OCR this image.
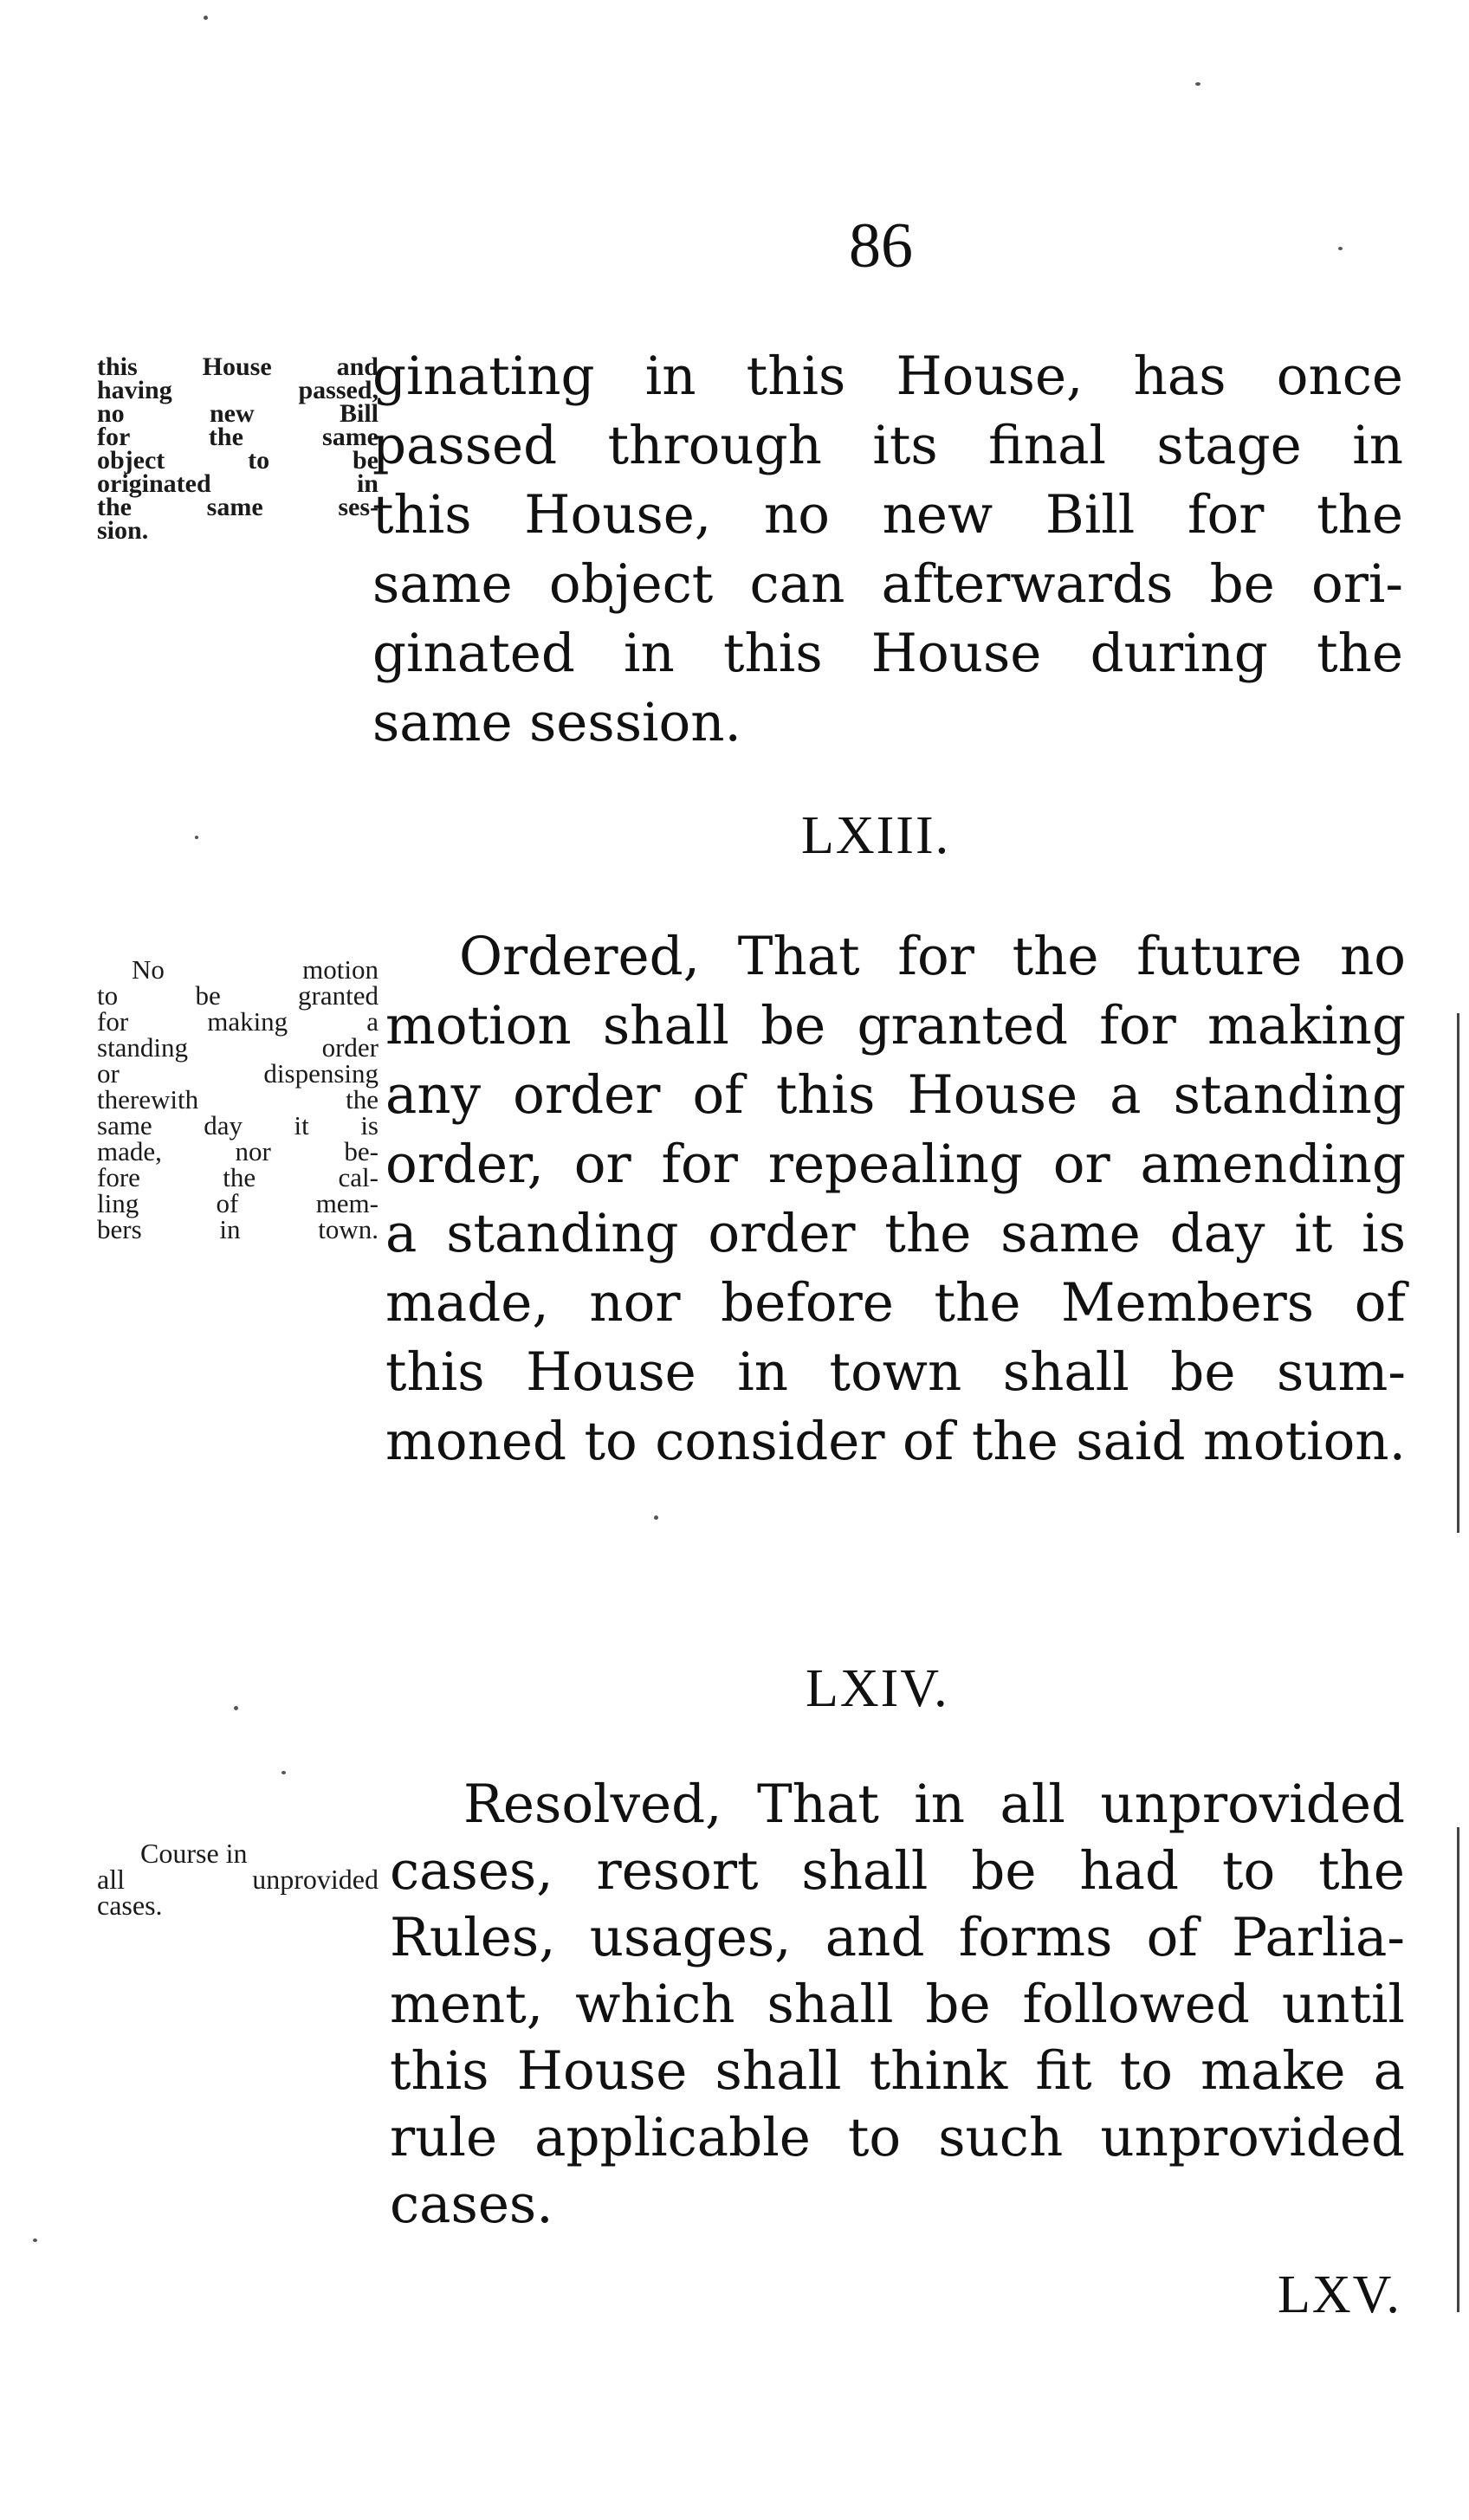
86
this House and
having passed,
no new Bill
for the same
object to be
originated in
the same ses-
sion.
ginating in this House, has once
passed through its final stage in
this House, no new Bill for the
same object can afterwards be ori-
ginated in this House during the
same session.
LXIII.
No motion
to be granted
for making a
standing order
or dispensing
therewith the
same day it is
made, nor be-
fore the cal-
ling of mem-
bers in town.
Ordered, That for the future no
motion shall be granted for making
any order of this House a standing
order, or for repealing or amending
a standing order the same day it is
made, nor before the Members of
this House in town shall be sum-
moned to consider of the said motion.
LXIV.
Course in
all unprovided
cases.
Resolved, That in all unprovided
cases, resort shall be had to the
Rules, usages, and forms of Parlia-
ment, which shall be followed until
this House shall think fit to make a
rule applicable to such unprovided
cases.
LXV.
